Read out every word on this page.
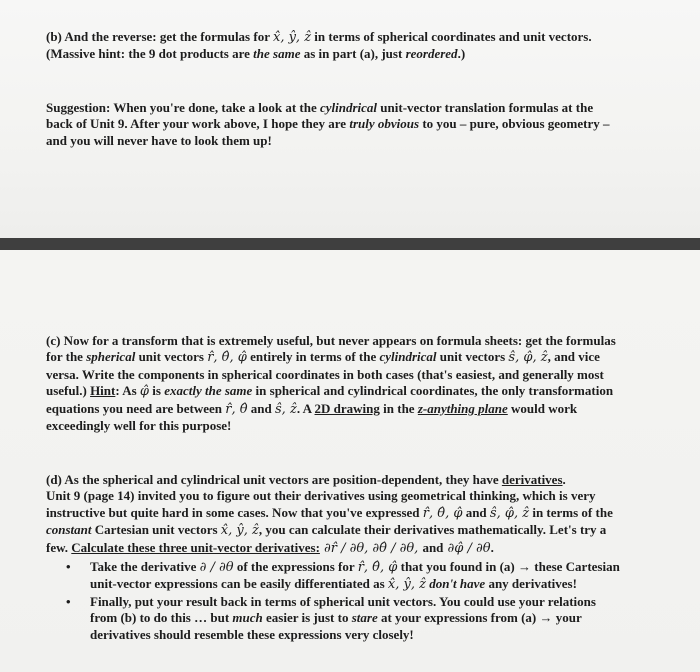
(b) And the reverse: get the formulas for x̂, ŷ, ẑ in terms of spherical coordinates and unit vectors.
(Massive hint: the 9 dot products are the same as in part (a), just reordered.)
Suggestion: When you're done, take a look at the cylindrical unit-vector translation formulas at the
back of Unit 9. After your work above, I hope they are truly obvious to you – pure, obvious geometry –
and you will never have to look them up!
(c) Now for a transform that is extremely useful, but never appears on formula sheets: get the formulas
for the spherical unit vectors r̂, θ̂, φ̂ entirely in terms of the cylindrical unit vectors ŝ, φ̂, ẑ, and vice
versa. Write the components in spherical coordinates in both cases (that's easiest, and generally most
useful.) Hint: As φ̂ is exactly the same in spherical and cylindrical coordinates, the only transformation
equations you need are between r̂, θ̂ and ŝ, ẑ. A 2D drawing in the z-anything plane would work
exceedingly well for this purpose!
(d) As the spherical and cylindrical unit vectors are position-dependent, they have derivatives.
Unit 9 (page 14) invited you to figure out their derivatives using geometrical thinking, which is very
instructive but quite hard in some cases. Now that you've expressed r̂, θ̂, φ̂ and ŝ, φ̂, ẑ in terms of the
constant Cartesian unit vectors x̂, ŷ, ẑ, you can calculate their derivatives mathematically. Let's try a
few. Calculate these three unit-vector derivatives: ∂r̂ / ∂θ, ∂θ̂ / ∂θ, and ∂φ̂ / ∂θ.
• Take the derivative ∂ / ∂θ of the expressions for r̂, θ̂, φ̂ that you found in (a) → these Cartesian
unit-vector expressions can be easily differentiated as x̂, ŷ, ẑ don't have any derivatives!
• Finally, put your result back in terms of spherical unit vectors. You could use your relations
from (b) to do this … but much easier is just to stare at your expressions from (a) → your
derivatives should resemble these expressions very closely!
